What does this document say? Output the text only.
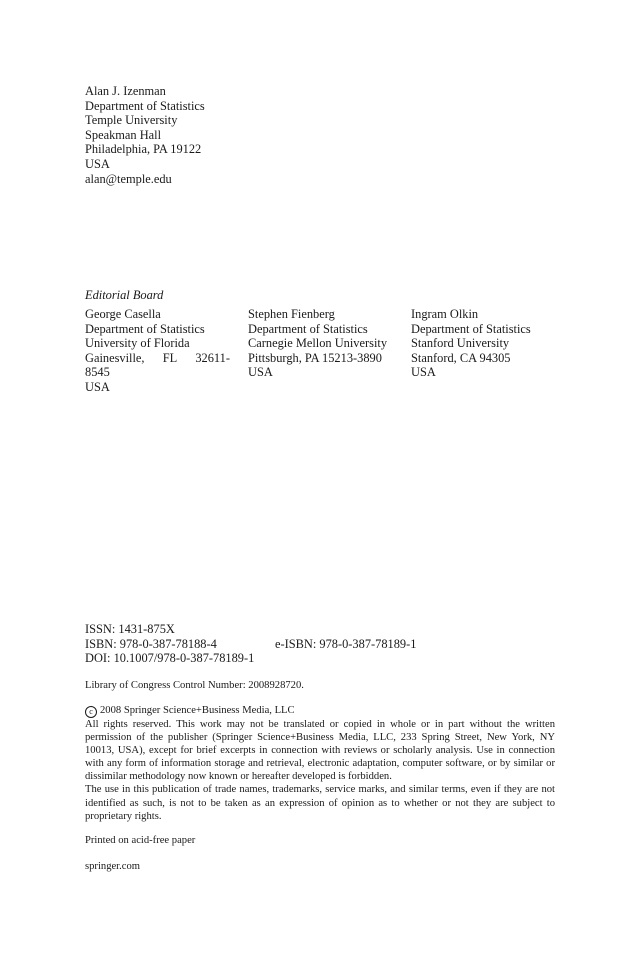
Alan J. Izenman
Department of Statistics
Temple University
Speakman Hall
Philadelphia, PA 19122
USA
alan@temple.edu
Editorial Board
George Casella
Department of Statistics
University of Florida
Gainesville, FL 32611-
8545
USA
Stephen Fienberg
Department of Statistics
Carnegie Mellon University
Pittsburgh, PA 15213-3890
USA
Ingram Olkin
Department of Statistics
Stanford University
Stanford, CA 94305
USA
ISSN: 1431-875X
ISBN: 978-0-387-78188-4	e-ISBN: 978-0-387-78189-1
DOI: 10.1007/978-0-387-78189-1
Library of Congress Control Number: 2008928720.
c 2008 Springer Science+Business Media, LLC

All rights reserved. This work may not be translated or copied in whole or in part without the written permission of the publisher (Springer Science+Business Media, LLC, 233 Spring Street, New York, NY 10013, USA), except for brief excerpts in connection with reviews or scholarly analysis. Use in connection with any form of information storage and retrieval, electronic adaptation, computer software, or by similar or dissimilar methodology now known or hereafter developed is forbidden.

The use in this publication of trade names, trademarks, service marks, and similar terms, even if they are not identified as such, is not to be taken as an expression of opinion as to whether or not they are subject to proprietary rights.

Printed on acid-free paper
springer.com
